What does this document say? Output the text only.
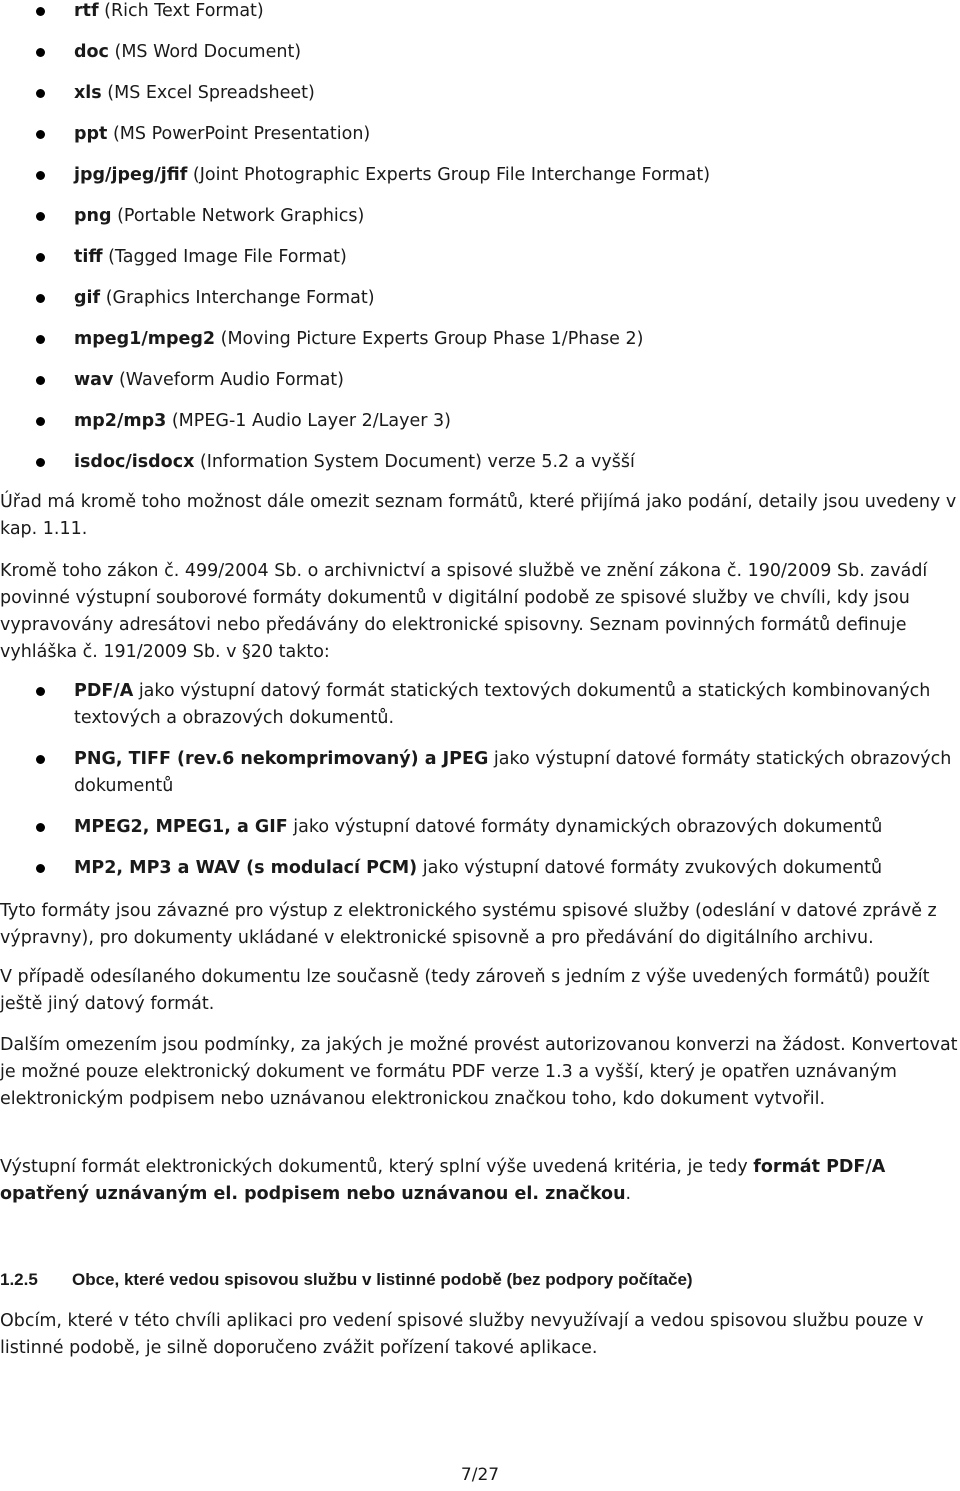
rtf (Rich Text Format)
doc (MS Word Document)
xls (MS Excel Spreadsheet)
ppt (MS PowerPoint Presentation)
jpg/jpeg/jfif (Joint Photographic Experts Group File Interchange Format)
png (Portable Network Graphics)
tiff (Tagged Image File Format)
gif (Graphics Interchange Format)
mpeg1/mpeg2 (Moving Picture Experts Group Phase 1/Phase 2)
wav (Waveform Audio Format)
mp2/mp3 (MPEG-1 Audio Layer 2/Layer 3)
isdoc/isdocx (Information System Document) verze 5.2 a vyšší

Úřad má kromě toho možnost dále omezit seznam formátů, které přijímá jako podání, detaily jsou uvedeny v kap. 1.11.

Kromě toho zákon č. 499/2004 Sb. o archivnictví a spisové službě ve znění zákona č. 190/2009 Sb. zavádí povinné výstupní souborové formáty dokumentů v digitální podobě ze spisové služby ve chvíli, kdy jsou vypravovány adresátovi nebo předávány do elektronické spisovny. Seznam povinných formátů definuje vyhláška č. 191/2009 Sb. v §20 takto:

PDF/A jako výstupní datový formát statických textových dokumentů a statických kombinovaných textových a obrazových dokumentů.
PNG, TIFF (rev.6 nekomprimovaný) a JPEG jako výstupní datové formáty statických obrazových dokumentů
MPEG2, MPEG1, a GIF jako výstupní datové formáty dynamických obrazových dokumentů
MP2, MP3 a WAV (s modulací PCM) jako výstupní datové formáty zvukových dokumentů

Tyto formáty jsou závazné pro výstup z elektronického systému spisové služby (odeslání v datové zprávě z výpravny), pro dokumenty ukládané v elektronické spisovně a pro předávání do digitálního archivu.

V případě odesílaného dokumentu lze současně (tedy zároveň s jedním z výše uvedených formátů) použít ještě jiný datový formát.

Dalším omezením jsou podmínky, za jakých je možné provést autorizovanou konverzi na žádost. Konvertovat je možné pouze elektronický dokument ve formátu PDF verze 1.3 a vyšší, který je opatřen uznávaným elektronickým podpisem nebo uznávanou elektronickou značkou toho, kdo dokument vytvořil.

Výstupní formát elektronických dokumentů, který splní výše uvedená kritéria, je tedy formát PDF/A opatřený uznávaným el. podpisem nebo uznávanou el. značkou.

1.2.5 Obce, které vedou spisovou službu v listinné podobě (bez podpory počítače)

Obcím, které v této chvíli aplikaci pro vedení spisové služby nevyužívají a vedou spisovou službu pouze v listinné podobě, je silně doporučeno zvážit pořízení takové aplikace.

7/27
